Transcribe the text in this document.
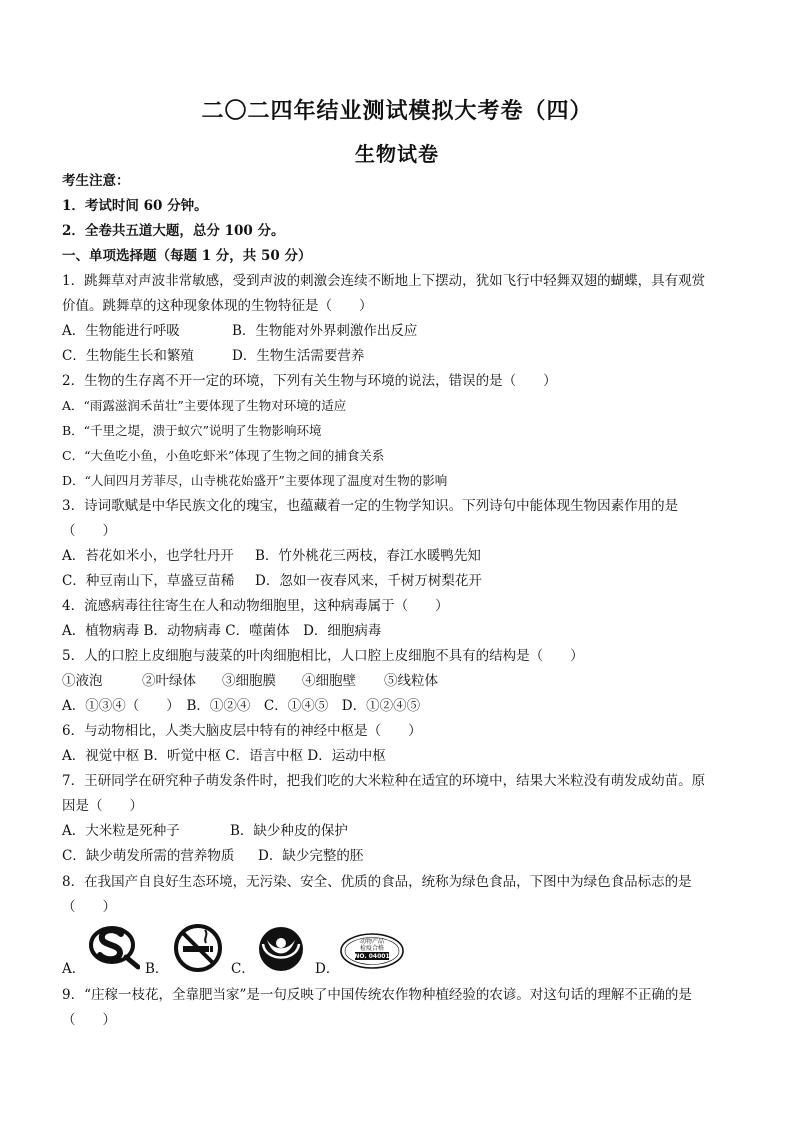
二〇二四年结业测试模拟大考卷（四）
生物试卷
考生注意：
1．考试时间 60 分钟。
2．全卷共五道大题，总分 100 分。
一、单项选择题（每题 1 分，共 50 分）
1．跳舞草对声波非常敏感，受到声波的刺激会连续不断地上下摆动，犹如飞行中轻舞双翅的蝴蝶，具有观赏
价值。跳舞草的这种现象体现的生物特征是（　　）
A．生物能进行呼吸	B．生物能对外界刺激作出反应
C．生物能生长和繁殖	D．生物生活需要营养
2．生物的生存离不开一定的环境，下列有关生物与环境的说法，错误的是（　　）
A．“雨露滋润禾苗壮”主要体现了生物对环境的适应
B．“千里之堤，溃于蚁穴”说明了生物影响环境
C．“大鱼吃小鱼，小鱼吃虾米”体现了生物之间的捕食关系
D．“人间四月芳菲尽，山寺桃花始盛开”主要体现了温度对生物的影响
3．诗词歌赋是中华民族文化的瑰宝，也蕴藏着一定的生物学知识。下列诗句中能体现生物因素作用的是
（　　）
A．苔花如米小，也学牡丹开 B．竹外桃花三两枝，春江水暖鸭先知
C．种豆南山下，草盛豆苗稀 D．忽如一夜春风来，千树万树梨花开
4．流感病毒往往寄生在人和动物细胞里，这种病毒属于（　　）
A．植物病毒 B．动物病毒 C．噬菌体　D．细胞病毒
5．人的口腔上皮细胞与菠菜的叶肉细胞相比，人口腔上皮细胞不具有的结构是（　　）
①液泡	②叶绿体 ③细胞膜 ④细胞壁 ⑤线粒体
A．①③④（　　）　B．①②④　C．①④⑤　D．①②④⑤
6．与动物相比，人类大脑皮层中特有的神经中枢是（　　）
A．视觉中枢 B．听觉中枢 C．语言中枢 D．运动中枢
7．王研同学在研究种子萌发条件时，把我们吃的大米粒种在适宜的环境中，结果大米粒没有萌发成幼苗。原
因是（　　）
A．大米粒是死种子	B．缺少种皮的保护
C．缺少萌发所需的营养物质 D．缺少完整的胚
8．在我国产自良好生态环境，无污染、安全、优质的食品，统称为绿色食品，下图中为绿色食品标志的是
（　　）
A．	B．	C．	D．
动物产品
检疫合格
NO. 04001
9．“庄稼一枝花，全靠肥当家”是一句反映了中国传统农作物种植经验的农谚。对这句话的理解不正确的是
（　　）
